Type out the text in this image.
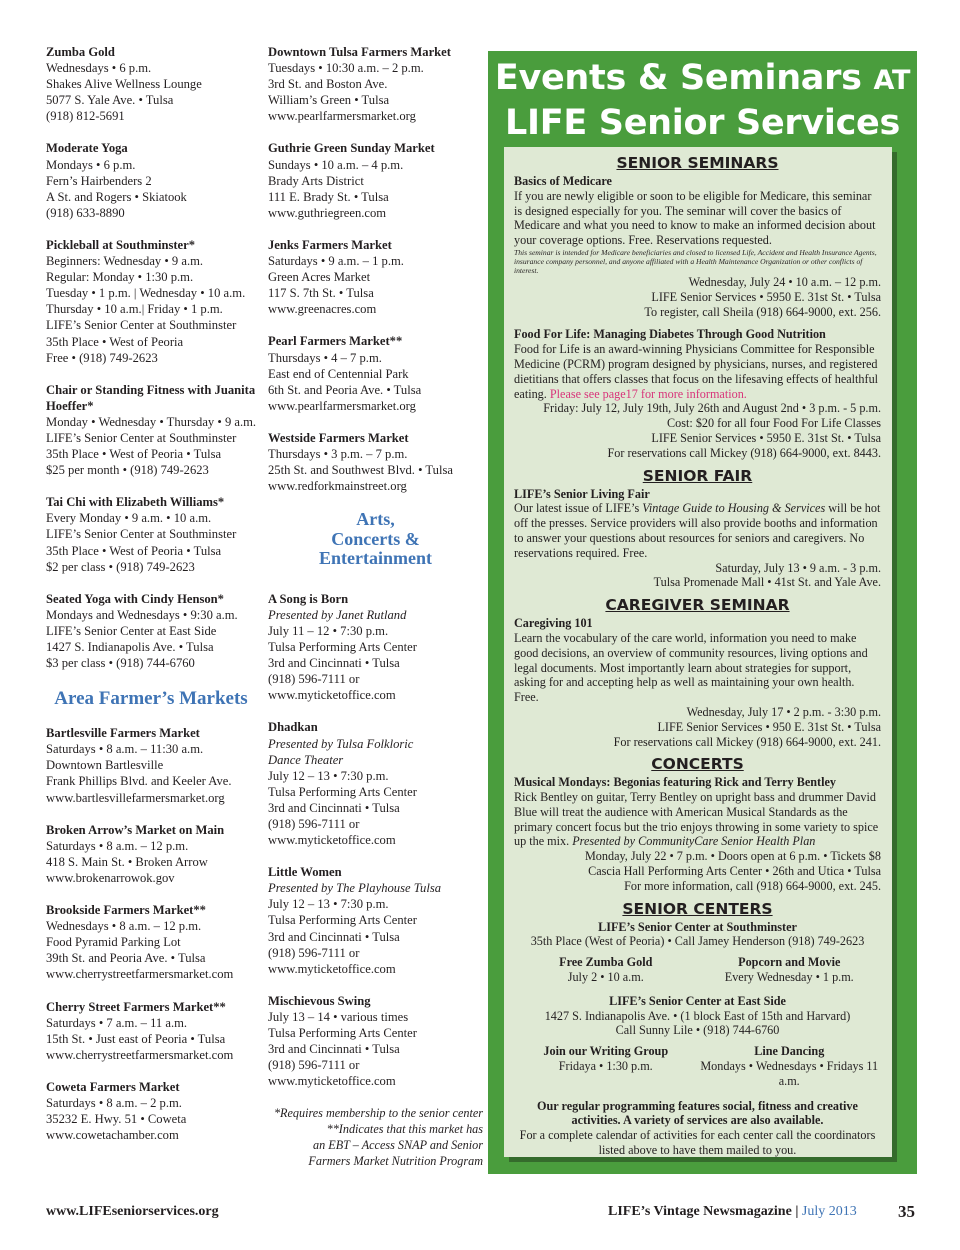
Zumba Gold
Wednesdays • 6 p.m.
Shakes Alive Wellness Lounge
5077 S. Yale Ave. • Tulsa
(918) 812-5691
Moderate Yoga
Mondays • 6 p.m.
Fern’s Hairbenders 2
A St. and Rogers • Skiatook
(918) 633-8890
Pickleball at Southminster*
Beginners: Wednesday • 9 a.m.
Regular: Monday • 1:30 p.m.
Tuesday • 1 p.m. | Wednesday • 10 a.m.
Thursday • 10 a.m.| Friday • 1 p.m.
LIFE’s Senior Center at Southminster
35th Place • West of Peoria
Free • (918) 749-2623
Chair or Standing Fitness with Juanita Hoeffer*
Monday • Wednesday • Thursday • 9 a.m.
LIFE’s Senior Center at Southminster
35th Place • West of Peoria • Tulsa
$25 per month • (918) 749-2623
Tai Chi with Elizabeth Williams*
Every Monday • 9 a.m. • 10 a.m.
LIFE’s Senior Center at Southminster
35th Place • West of Peoria • Tulsa
$2 per class • (918) 749-2623
Seated Yoga with Cindy Henson*
Mondays and Wednesdays • 9:30 a.m.
LIFE’s Senior Center at East Side
1427 S. Indianapolis Ave. • Tulsa
$3 per class • (918) 744-6760
Area Farmer’s Markets
Bartlesville Farmers Market
Saturdays • 8 a.m. – 11:30 a.m.
Downtown Bartlesville
Frank Phillips Blvd. and Keeler Ave.
www.bartlesvillefarmersmarket.org
Broken Arrow’s Market on Main
Saturdays • 8 a.m. – 12 p.m.
418 S. Main St. • Broken Arrow
www.brokenarrowok.gov
Brookside Farmers Market**
Wednesdays • 8 a.m. – 12 p.m.
Food Pyramid Parking Lot
39th St. and Peoria Ave. • Tulsa
www.cherrystreetfarmersmarket.com
Cherry Street Farmers Market**
Saturdays • 7 a.m. – 11 a.m.
15th St. • Just east of Peoria • Tulsa
www.cherrystreetfarmersmarket.com
Coweta Farmers Market
Saturdays • 8 a.m. – 2 p.m.
35232 E. Hwy. 51 • Coweta
www.cowetachamber.com
Downtown Tulsa Farmers Market
Tuesdays • 10:30 a.m. – 2 p.m.
3rd St. and Boston Ave.
William’s Green • Tulsa
www.pearlfarmersmarket.org
Guthrie Green Sunday Market
Sundays • 10 a.m. – 4 p.m.
Brady Arts District
111 E. Brady St. • Tulsa
www.guthriegreen.com
Jenks Farmers Market
Saturdays • 9 a.m. – 1 p.m.
Green Acres Market
117 S. 7th St. • Tulsa
www.greenacres.com
Pearl Farmers Market**
Thursdays • 4 – 7 p.m.
East end of Centennial Park
6th St. and Peoria Ave. • Tulsa
www.pearlfarmersmarket.org
Westside Farmers Market
Thursdays • 3 p.m. – 7 p.m.
25th St. and Southwest Blvd. • Tulsa
www.redforkmainstreet.org
Arts,
Concerts &
Entertainment
A Song is Born
Presented by Janet Rutland
July 11 – 12 • 7:30 p.m.
Tulsa Performing Arts Center
3rd and Cincinnati • Tulsa
(918) 596-7111 or
www.myticketoffice.com
Dhadkan
Presented by Tulsa Folkloric
Dance Theater
July 12 – 13 • 7:30 p.m.
Tulsa Performing Arts Center
3rd and Cincinnati • Tulsa
(918) 596-7111 or
www.myticketoffice.com
Little Women
Presented by The Playhouse Tulsa
July 12 – 13 • 7:30 p.m.
Tulsa Performing Arts Center
3rd and Cincinnati • Tulsa
(918) 596-7111 or
www.myticketoffice.com
Mischievous Swing
July 13 – 14 • various times
Tulsa Performing Arts Center
3rd and Cincinnati • Tulsa
(918) 596-7111 or
www.myticketoffice.com
*Requires membership to the senior center
**Indicates that this market has
an EBT – Access SNAP and Senior
Farmers Market Nutrition Program
Events & Seminars AT
LIFE Senior Services
SENIOR SEMINARS
Basics of Medicare
If you are newly eligible or soon to be eligible for Medicare, this seminar is designed especially for you. The seminar will cover the basics of Medicare and what you need to know to make an informed decision about your coverage options. Free. Reservations requested.
This seminar is intended for Medicare beneficiaries and closed to licensed Life, Accident and Health Insurance Agents, insurance company personnel, and anyone affiliated with a Health Maintenance Organization or other conflicts of interest.
Wednesday, July 24 • 10 a.m. – 12 p.m.
LIFE Senior Services • 5950 E. 31st St. • Tulsa
To register, call Sheila (918) 664-9000, ext. 256.
Food For Life: Managing Diabetes Through Good Nutrition
Food for Life is an award-winning Physicians Committee for Responsible Medicine (PCRM) program designed by physicians, nurses, and registered dietitians that offers classes that focus on the lifesaving effects of healthful eating. Please see page17 for more information.
Friday: July 12, July 19th, July 26th and August 2nd • 3 p.m. - 5 p.m.
Cost: $20 for all four Food For Life Classes
LIFE Senior Services • 5950 E. 31st St. • Tulsa
For reservations call Mickey (918) 664-9000, ext. 8443.
SENIOR FAIR
LIFE’s Senior Living Fair
Our latest issue of LIFE’s Vintage Guide to Housing & Services will be hot off the presses. Service providers will also provide booths and information to answer your questions about resources for seniors and caregivers. No reservations required. Free.
Saturday, July 13 • 9 a.m. - 3 p.m.
Tulsa Promenade Mall • 41st St. and Yale Ave.
CAREGIVER SEMINAR
Caregiving 101
Learn the vocabulary of the care world, information you need to make good decisions, an overview of community resources, living options and legal documents. Most importantly learn about strategies for support, asking for and accepting help as well as maintaining your own health. Free.
Wednesday, July 17 • 2 p.m. - 3:30 p.m.
LIFE Senior Services • 950 E. 31st St. • Tulsa
For reservations call Mickey (918) 664-9000, ext. 241.
CONCERTS
Musical Mondays: Begonias featuring Rick and Terry Bentley
Rick Bentley on guitar, Terry Bentley on upright bass and drummer David Blue will treat the audience with American Musical Standards as the primary concert focus but the trio enjoys throwing in some variety to spice up the mix. Presented by CommunityCare Senior Health Plan
Monday, July 22 • 7 p.m. • Doors open at 6 p.m. • Tickets $8
Cascia Hall Performing Arts Center • 26th and Utica • Tulsa
For more information, call (918) 664-9000, ext. 245.
SENIOR CENTERS
LIFE’s Senior Center at Southminster
35th Place (West of Peoria) • Call Jamey Henderson (918) 749-2623
Free Zumba Gold
July 2 • 10 a.m.
Popcorn and Movie
Every Wednesday • 1 p.m.
LIFE’s Senior Center at East Side
1427 S. Indianapolis Ave. • (1 block East of 15th and Harvard)
Call Sunny Lile • (918) 744-6760
Join our Writing Group
Fridaya • 1:30 p.m.
Line Dancing
Mondays • Wednesdays • Fridays 11 a.m.
Our regular programming features social, fitness and creative activities. A variety of services are also available.
For a complete calendar of activities for each center call the coordinators listed above to have them mailed to you.
www.LIFEseniorservices.org	LIFE’s Vintage Newsmagazine | July 2013 35
